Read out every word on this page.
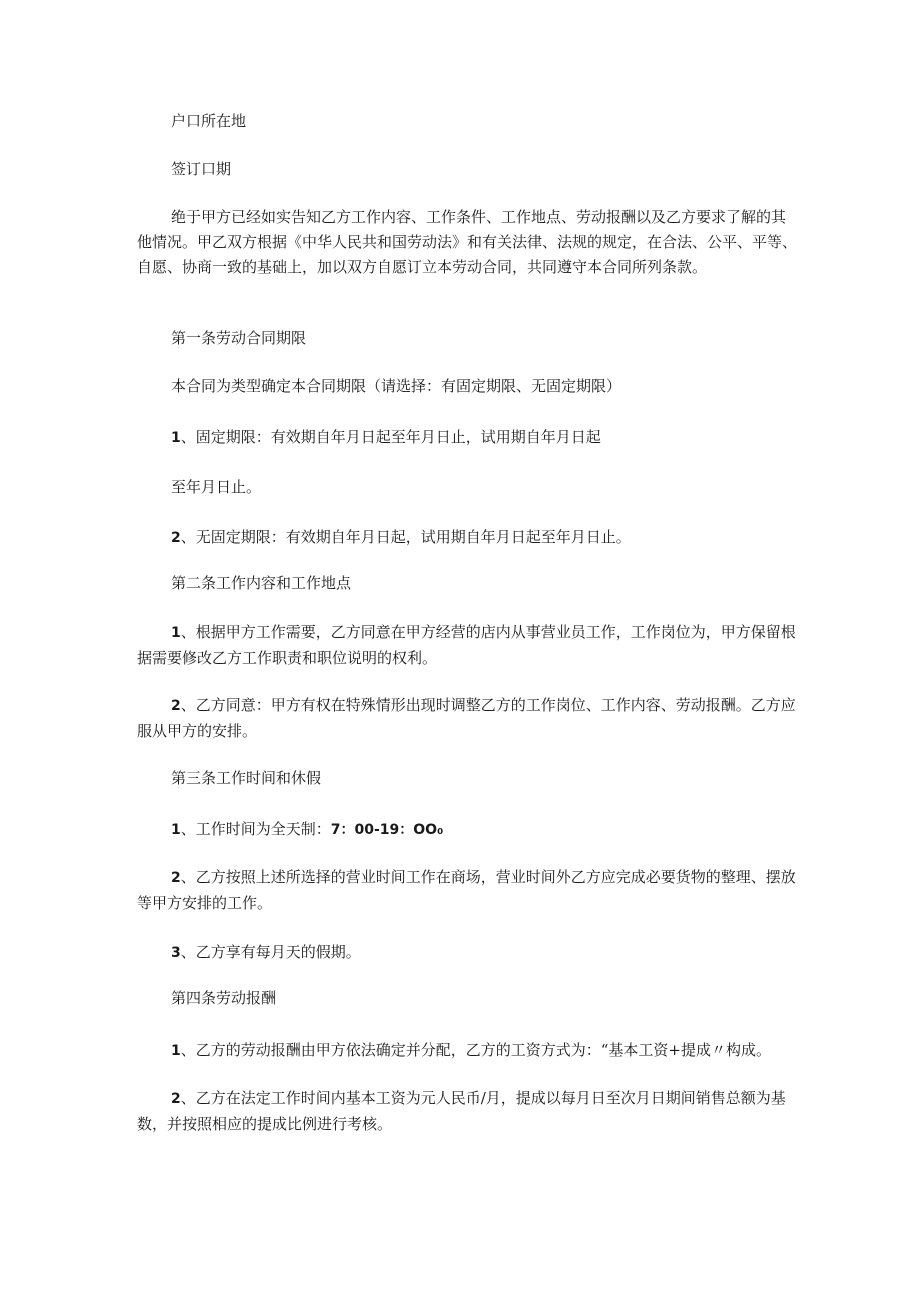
户口所在地

签订口期

绝于甲方已经如实告知乙方工作内容、工作条件、工作地点、劳动报酬以及乙方要求了解的其他情况。甲乙双方根据《中华人民共和国劳动法》和有关法律、法规的规定，在合法、公平、平等、自愿、协商一致的基础上，加以双方自愿订立本劳动合同，共同遵守本合同所列条款。

第一条劳动合同期限

本合同为类型确定本合同期限（请选择：有固定期限、无固定期限）

1、固定期限：有效期自年月日起至年月日止，试用期自年月日起

至年月日止。

2、无固定期限：有效期自年月日起，试用期自年月日起至年月日止。

第二条工作内容和工作地点

1、根据甲方工作需要，乙方同意在甲方经营的店内从事营业员工作，工作岗位为，甲方保留根据需要修改乙方工作职责和职位说明的权利。

2、乙方同意：甲方有权在特殊情形出现时调整乙方的工作岗位、工作内容、劳动报酬。乙方应服从甲方的安排。

第三条工作时间和休假

1、工作时间为全天制：7：00-19：OO₀

2、乙方按照上述所选择的营业时间工作在商场，营业时间外乙方应完成必要货物的整理、摆放等甲方安排的工作。

3、乙方享有每月天的假期。

第四条劳动报酬

1、乙方的劳动报酬由甲方依法确定并分配，乙方的工资方式为：“基本工资+提成〃构成。

2、乙方在法定工作时间内基本工资为元人民币/月，提成以每月日至次月日期间销售总额为基数，并按照相应的提成比例进行考核。
